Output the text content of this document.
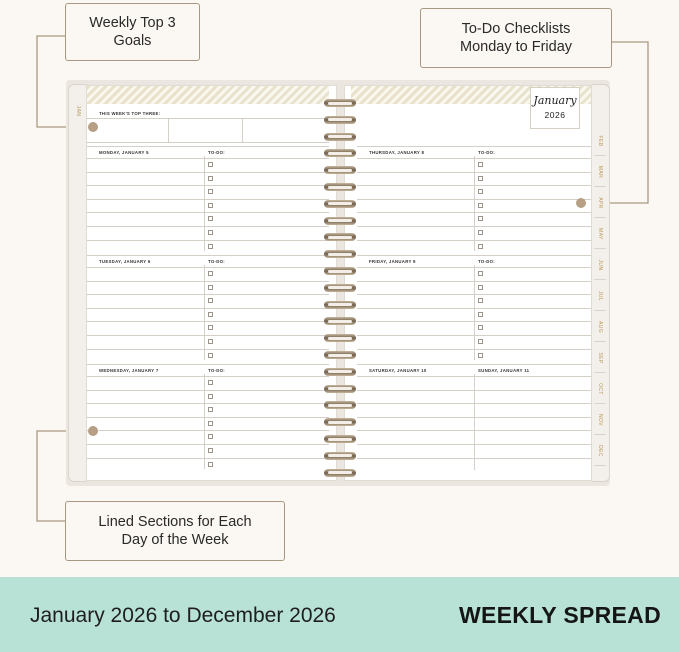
Weekly Top 3
Goals
To-Do Checklists
Monday to Friday
Lined Sections for Each
Day of the Week
THIS WEEK'S TOP THREE:
MONDAY, JANUARY 5	TO-DO:
TUESDAY, JANUARY 6	TO-DO:
WEDNESDAY, JANUARY 7	TO-DO:
THURSDAY, JANUARY 8	TO-DO:
FRIDAY, JANUARY 9	TO-DO:
SATURDAY, JANUARY 10	SUNDAY, JANUARY 11
January
2026
JAN
FEB
MAR
APR
MAY
JUN
JUL
AUG
SEP
OCT
NOV
DEC
January 2026 to December 2026	WEEKLY SPREAD
